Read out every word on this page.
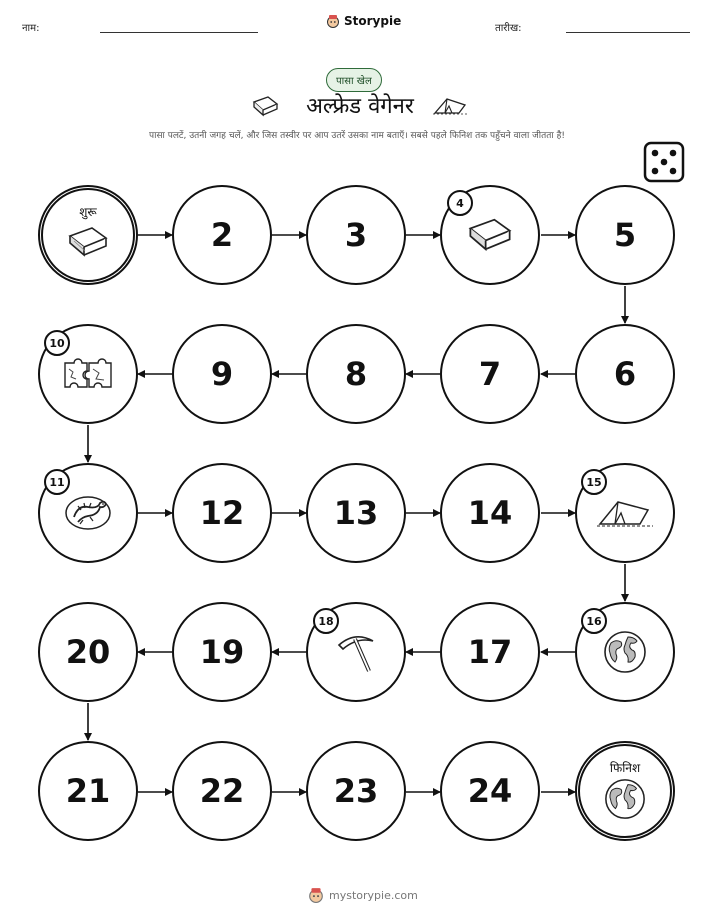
नाम:
Storypie
तारीख:
पासा खेल
अल्फ्रेड वेगेनर
पासा पलटें, उतनी जगह चलें, और जिस तस्वीर पर आप उतरें उसका नाम बताएँ। सबसे पहले फिनिश तक पहुँचने वाला जीतता है!
शुरू
2	3
4
5
10
9	8	7	6
11
12	13	14
15
20	19
18
17
16
21	22	23	24
फिनिश
mystorypie.com
